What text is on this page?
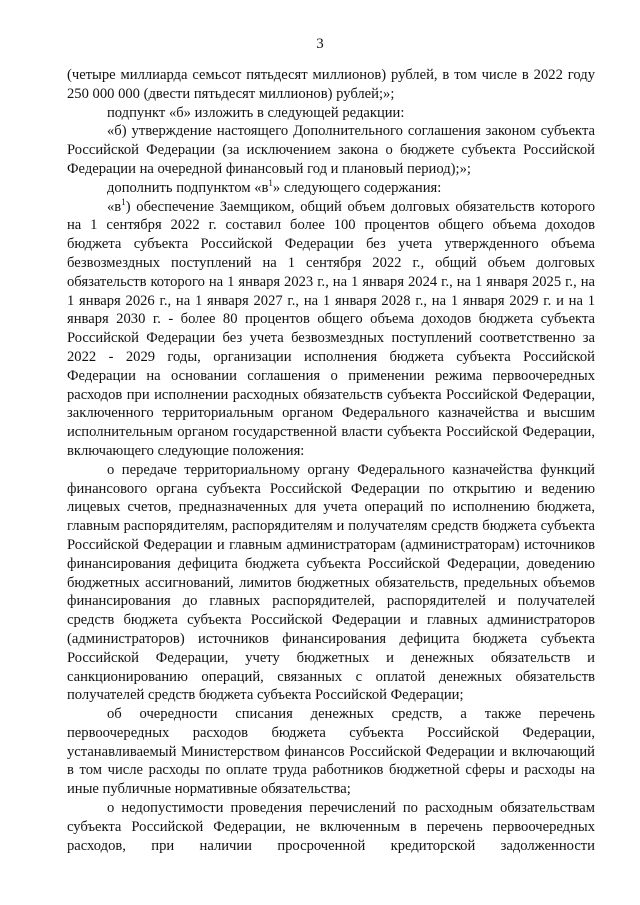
3

(четыре миллиарда семьсот пятьдесят миллионов) рублей, в том числе в 2022 году 250 000 000 (двести пятьдесят миллионов) рублей;»;

подпункт «б» изложить в следующей редакции:

«б) утверждение настоящего Дополнительного соглашения законом субъекта Российской Федерации (за исключением закона о бюджете субъекта Российской Федерации на очередной финансовый год и плановый период);»;

дополнить подпунктом «$в^1$» следующего содержания:

«$в^1$) обеспечение Заемщиком, общий объем долговых обязательств которого на 1 сентября 2022 г. составил более 100 процентов общего объема доходов бюджета субъекта Российской Федерации без учета утвержденного объема безвозмездных поступлений на 1 сентября 2022 г., общий объем долговых обязательств которого на 1 января 2023 г., на 1 января 2024 г., на 1 января 2025 г., на 1 января 2026 г., на 1 января 2027 г., на 1 января 2028 г., на 1 января 2029 г. и на 1 января 2030 г. - более 80 процентов общего объема доходов бюджета субъекта Российской Федерации без учета безвозмездных поступлений соответственно за 2022 - 2029 годы, организации исполнения бюджета субъекта Российской Федерации на основании соглашения о применении режима первоочередных расходов при исполнении расходных обязательств субъекта Российской Федерации, заключенного территориальным органом Федерального казначейства и высшим исполнительным органом государственной власти субъекта Российской Федерации, включающего следующие положения:

о передаче территориальному органу Федерального казначейства функций финансового органа субъекта Российской Федерации по открытию и ведению лицевых счетов, предназначенных для учета операций по исполнению бюджета, главным распорядителям, распорядителям и получателям средств бюджета субъекта Российской Федерации и главным администраторам (администраторам) источников финансирования дефицита бюджета субъекта Российской Федерации, доведению бюджетных ассигнований, лимитов бюджетных обязательств, предельных объемов финансирования до главных распорядителей, распорядителей и получателей средств бюджета субъекта Российской Федерации и главных администраторов (администраторов) источников финансирования дефицита бюджета субъекта Российской Федерации, учету бюджетных и денежных обязательств и санкционированию операций, связанных с оплатой денежных обязательств получателей средств бюджета субъекта Российской Федерации;

об очередности списания денежных средств, а также перечень первоочередных расходов бюджета субъекта Российской Федерации, устанавливаемый Министерством финансов Российской Федерации и включающий в том числе расходы по оплате труда работников бюджетной сферы и расходы на иные публичные нормативные обязательства;

о недопустимости проведения перечислений по расходным обязательствам субъекта Российской Федерации, не включенным в перечень первоочередных расходов, при наличии просроченной кредиторской задолженности
